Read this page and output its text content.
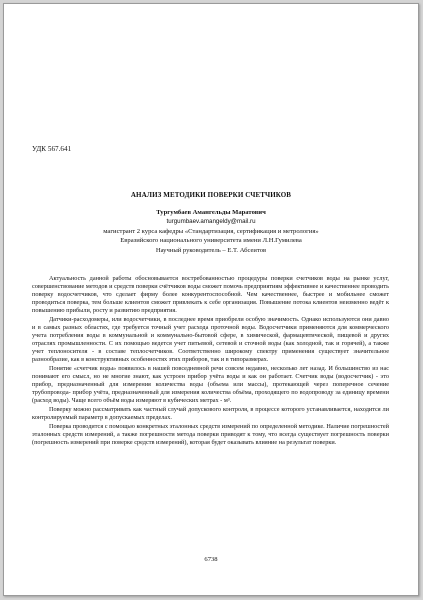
УДК 567.641
АНАЛИЗ МЕТОДИКИ ПОВЕРКИ СЧЕТЧИКОВ
Тургумбаев Амангельды Маратович
turgumbaev.amangeldy@mail.ru
магистрант 2 курса кафедры «Стандартизация, сертификация и метрология»
Евразийского национального университета имени Л.Н.Гумилева
Научный руководитель – Е.Т. Абсеитов

Актуальность данной работы обосновывается востребованностью процедуры поверки счетчиков воды на рынке услуг, совершенствование методов и средств поверки счётчиков воды сможет помочь предприятиям эффективнее и качественнее проводить поверку водосчетчиков, что сделает фирму более конкурентоспособной. Чем качественнее, быстрее и мобильнее сможет проводиться поверка, тем больше клиентов сможет привлекать к себе организация. Повышение потока клиентов неизменно ведёт к повышению прибыли, росту и развитию предприятия.

Датчики-расходомеры, или водосчетчики, в последнее время приобрели особую значимость. Однако используются они давно и в самых разных областях, где требуется точный учет расхода проточной воды. Водосчетчики применяются для коммерческого учета потребления воды в коммунальной и коммунально-бытовой сфере, в химической, фармацевтической, пищевой и других отраслях промышленности. С их помощью ведется учет питьевой, сетевой и сточной воды (как холодной, так и горячей), а также учет теплоносителя - в составе теплосчетчиков. Соответственно широкому спектру применения существует значительное разнообразие, как в конструктивных особенностях этих приборов, так и в типоразмерах.

Понятие «счетчик воды» появилось в нашей повседневной речи совсем недавно, несколько лет назад. И большинство из нас понимают его смысл, но не многие знают, как устроен прибор учёта воды и как он работает. Счетчик воды (водосчетчик) - это прибор, предназначенный для измерения количества воды (объема или массы), протекающей через поперечное сечение трубопровода- прибор учёта, предназначенный для измерения количества объёма, проходящего по водопроводу за единицу времени (расход воды). Чаще всего объём воды измеряют в кубических метрах - м³.

Поверку можно рассматривать как частный случай допускового контроля, в процессе которого устанавливается, находится ли контролируемый параметр в допускаемых пределах.

Поверка проводится с помощью конкретных эталонных средств измерений по определенной методике. Наличие погрешностей эталонных средств измерений, а также погрешности метода поверки приводят к тому, что всегда существует погрешность поверки (погрешность измерений при поверке средств измерений), которая будет оказывать влияние на результат поверки.

6738
